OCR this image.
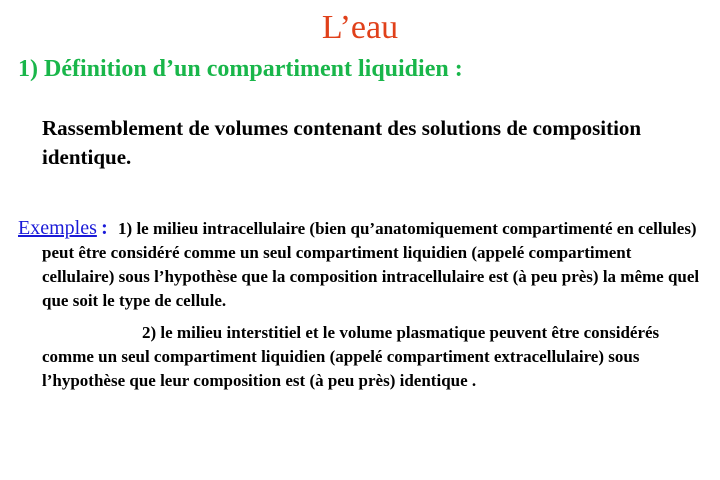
L’eau
1) Définition d’un compartiment liquidien :
Rassemblement de volumes contenant des solutions de composition identique.

Exemples : 1) le milieu intracellulaire (bien qu’anatomiquement compartimenté en cellules) peut être considéré comme un seul compartiment liquidien (appelé compartiment cellulaire) sous l’hypothèse que la composition intracellulaire est (à peu près) la même quel que soit le type de cellule.

2) le milieu interstitiel et le volume plasmatique peuvent être considérés comme un seul compartiment liquidien (appelé compartiment extracellulaire) sous l’hypothèse que leur composition est (à peu près) identique .
